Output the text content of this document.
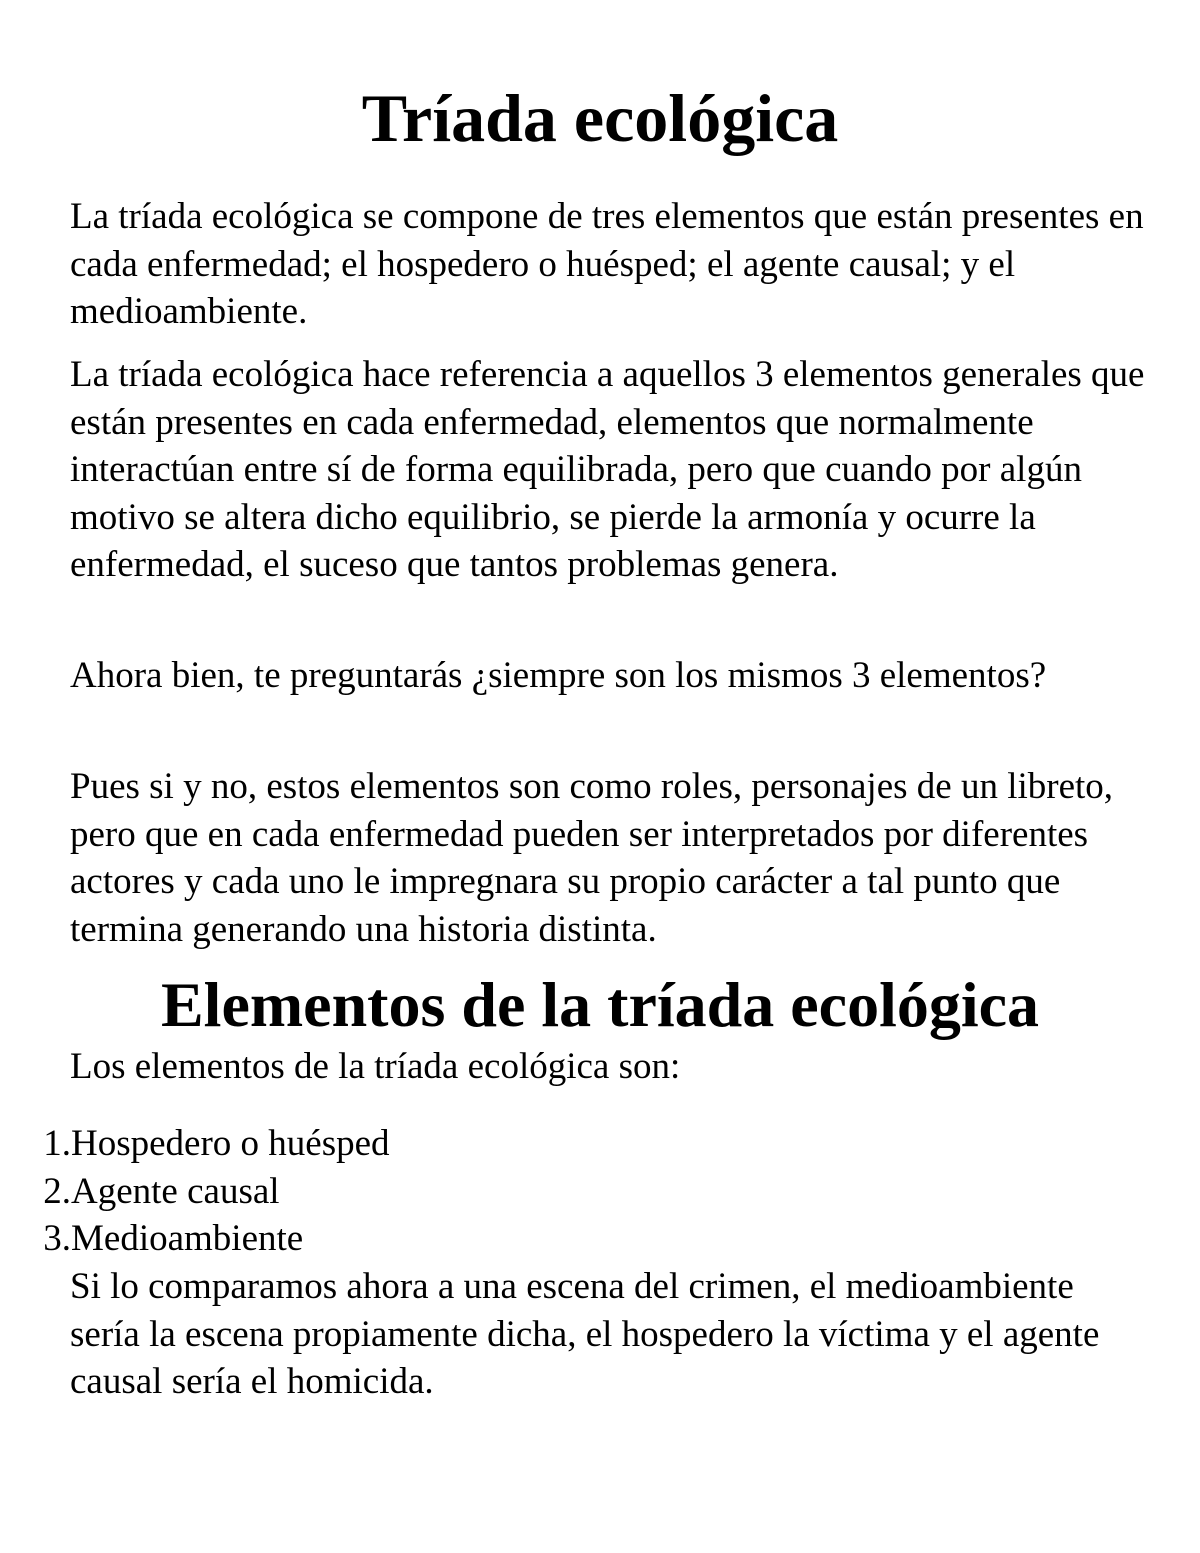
Tríada ecológica

La tríada ecológica se compone de tres elementos que están presentes en cada enfermedad; el hospedero o huésped; el agente causal; y el medioambiente.

La tríada ecológica hace referencia a aquellos 3 elementos generales que están presentes en cada enfermedad, elementos que normalmente interactúan entre sí de forma equilibrada, pero que cuando por algún motivo se altera dicho equilibrio, se pierde la armonía y ocurre la enfermedad, el suceso que tantos problemas genera.

Ahora bien, te preguntarás ¿siempre son los mismos 3 elementos?

Pues si y no, estos elementos son como roles, personajes de un libreto, pero que en cada enfermedad pueden ser interpretados por diferentes actores y cada uno le impregnara su propio carácter a tal punto que termina generando una historia distinta.

Elementos de la tríada ecológica

Los elementos de la tríada ecológica son:

1. Hospedero o huésped
2. Agente causal
3. Medioambiente

Si lo comparamos ahora a una escena del crimen, el medioambiente sería la escena propiamente dicha, el hospedero la víctima y el agente causal sería el homicida.
